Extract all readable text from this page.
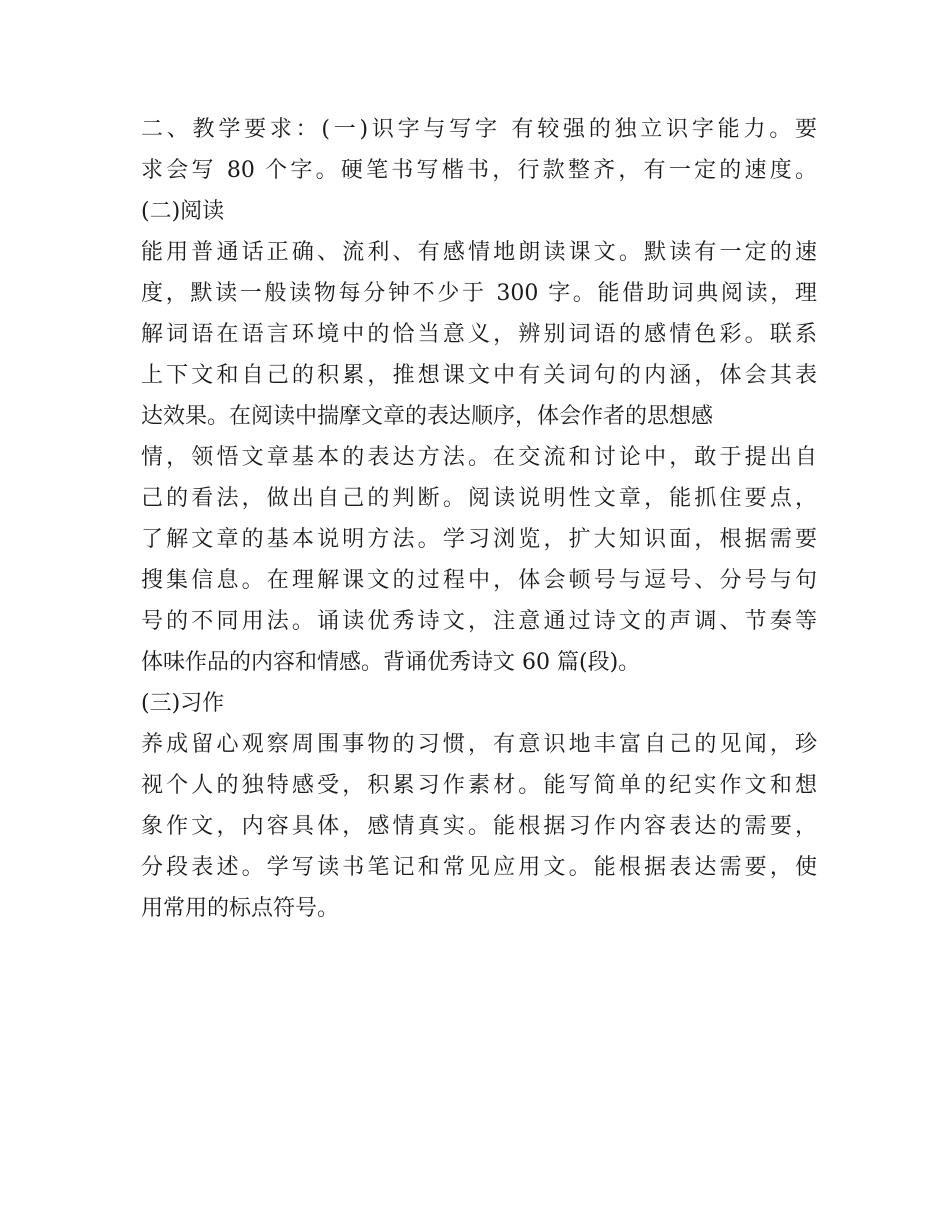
二、教学要求：(一)识字与写字 有较强的独立识字能力。要
求会写 80 个字。硬笔书写楷书，行款整齐，有一定的速度。
(二)阅读
能用普通话正确、流利、有感情地朗读课文。默读有一定的速
度，默读一般读物每分钟不少于 300 字。能借助词典阅读，理
解词语在语言环境中的恰当意义，辨别词语的感情色彩。联系
上下文和自己的积累，推想课文中有关词句的内涵，体会其表
达效果。在阅读中揣摩文章的表达顺序，体会作者的思想感
情，领悟文章基本的表达方法。在交流和讨论中，敢于提出自
己的看法，做出自己的判断。阅读说明性文章，能抓住要点，
了解文章的基本说明方法。学习浏览，扩大知识面，根据需要
搜集信息。在理解课文的过程中，体会顿号与逗号、分号与句
号的不同用法。诵读优秀诗文，注意通过诗文的声调、节奏等
体味作品的内容和情感。背诵优秀诗文 60 篇(段)。
(三)习作
养成留心观察周围事物的习惯，有意识地丰富自己的见闻，珍
视个人的独特感受，积累习作素材。能写简单的纪实作文和想
象作文，内容具体，感情真实。能根据习作内容表达的需要，
分段表述。学写读书笔记和常见应用文。能根据表达需要，使
用常用的标点符号。
